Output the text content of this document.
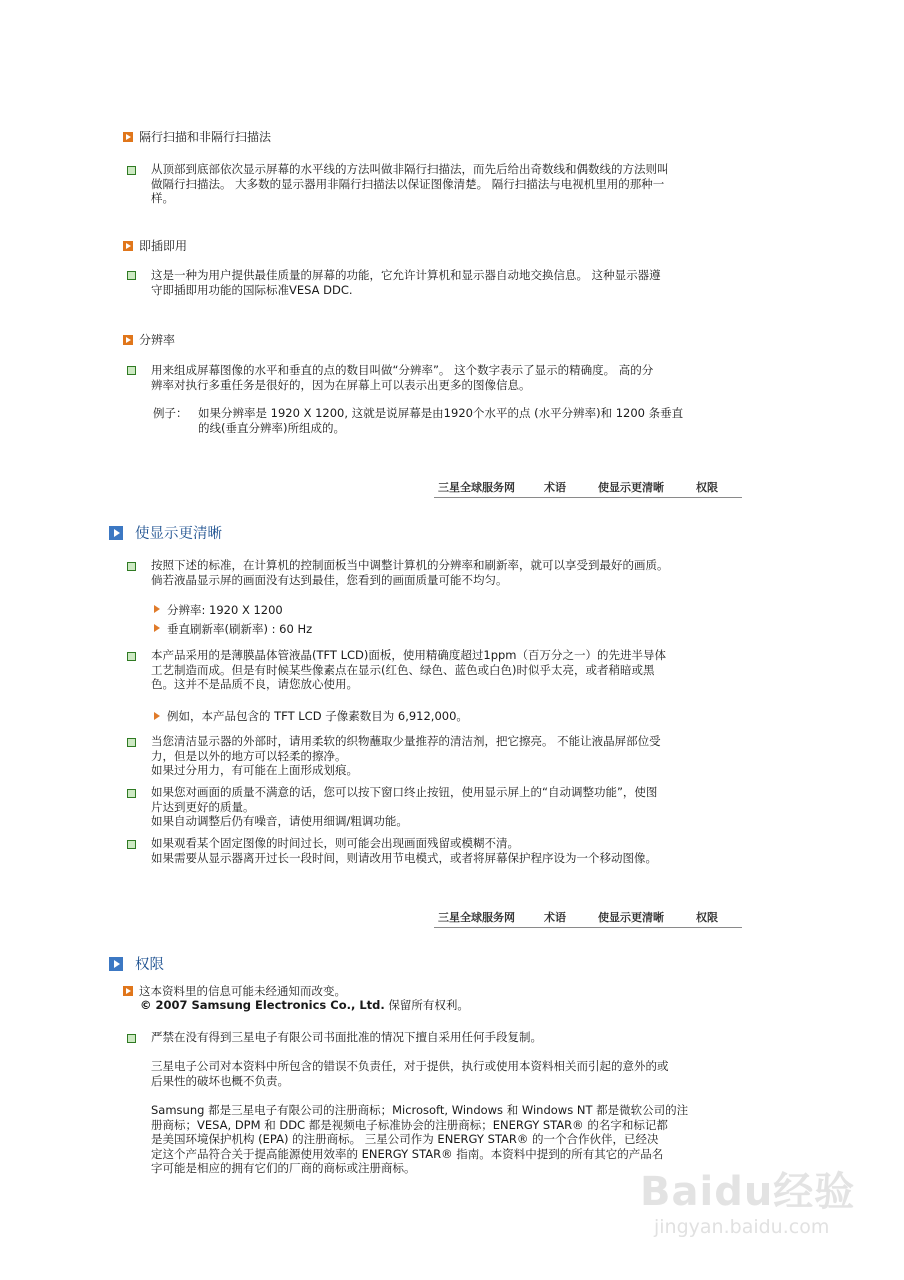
隔行扫描和非隔行扫描法
从顶部到底部依次显示屏幕的水平线的方法叫做非隔行扫描法，而先后给出奇数线和偶数线的方法则叫
做隔行扫描法。 大多数的显示器用非隔行扫描法以保证图像清楚。 隔行扫描法与电视机里用的那种一
样。
即插即用
这是一种为用户提供最佳质量的屏幕的功能，它允许计算机和显示器自动地交换信息。 这种显示器遵
守即插即用功能的国际标准VESA DDC.
分辨率
用来组成屏幕图像的水平和垂直的点的数目叫做“分辨率”。 这个数字表示了显示的精确度。 高的分
辨率对执行多重任务是很好的，因为在屏幕上可以表示出更多的图像信息。
例子： 如果分辨率是 1920 X 1200, 这就是说屏幕是由1920个水平的点 (水平分辨率)和 1200 条垂直
的线(垂直分辨率)所组成的。
三星全球服务网	术语	使显示更清晰	权限
使显示更清晰
按照下述的标准，在计算机的控制面板当中调整计算机的分辨率和刷新率，就可以享受到最好的画质。
倘若液晶显示屏的画面没有达到最佳，您看到的画面质量可能不均匀。
分辨率: 1920 X 1200
垂直刷新率(刷新率) : 60 Hz
本产品采用的是薄膜晶体管液晶(TFT LCD)面板，使用精确度超过1ppm（百万分之一）的先进半导体
工艺制造而成。但是有时候某些像素点在显示(红色、绿色、蓝色或白色)时似乎太亮，或者稍暗或黑
色。这并不是品质不良，请您放心使用。
例如，本产品包含的 TFT LCD 子像素数目为 6,912,000。
当您清洁显示器的外部时，请用柔软的织物蘸取少量推荐的清洁剂，把它擦亮。 不能让液晶屏部位受
力，但是以外的地方可以轻柔的擦净。
如果过分用力，有可能在上面形成划痕。
如果您对画面的质量不满意的话，您可以按下窗口终止按钮，使用显示屏上的“自动调整功能”，使图
片达到更好的质量。
如果自动调整后仍有噪音，请使用细调/粗调功能。
如果观看某个固定图像的时间过长，则可能会出现画面残留或模糊不清。
如果需要从显示器离开过长一段时间，则请改用节电模式，或者将屏幕保护程序设为一个移动图像。
三星全球服务网	术语	使显示更清晰	权限
权限
这本资料里的信息可能未经通知而改变。
© 2007 Samsung Electronics Co., Ltd. 保留所有权利。
严禁在没有得到三星电子有限公司书面批准的情况下擅自采用任何手段复制。
三星电子公司对本资料中所包含的错误不负责任，对于提供，执行或使用本资料相关而引起的意外的或
后果性的破坏也概不负责。
Samsung 都是三星电子有限公司的注册商标；Microsoft, Windows 和 Windows NT 都是微软公司的注
册商标；VESA, DPM 和 DDC 都是视频电子标准协会的注册商标；ENERGY STAR® 的名字和标记都
是美国环境保护机构 (EPA) 的注册商标。 三星公司作为 ENERGY STAR® 的一个合作伙伴，已经决
定这个产品符合关于提高能源使用效率的 ENERGY STAR® 指南。本资料中提到的所有其它的产品名
字可能是相应的拥有它们的厂商的商标或注册商标。
Baidu经验
jingyan.baidu.com
